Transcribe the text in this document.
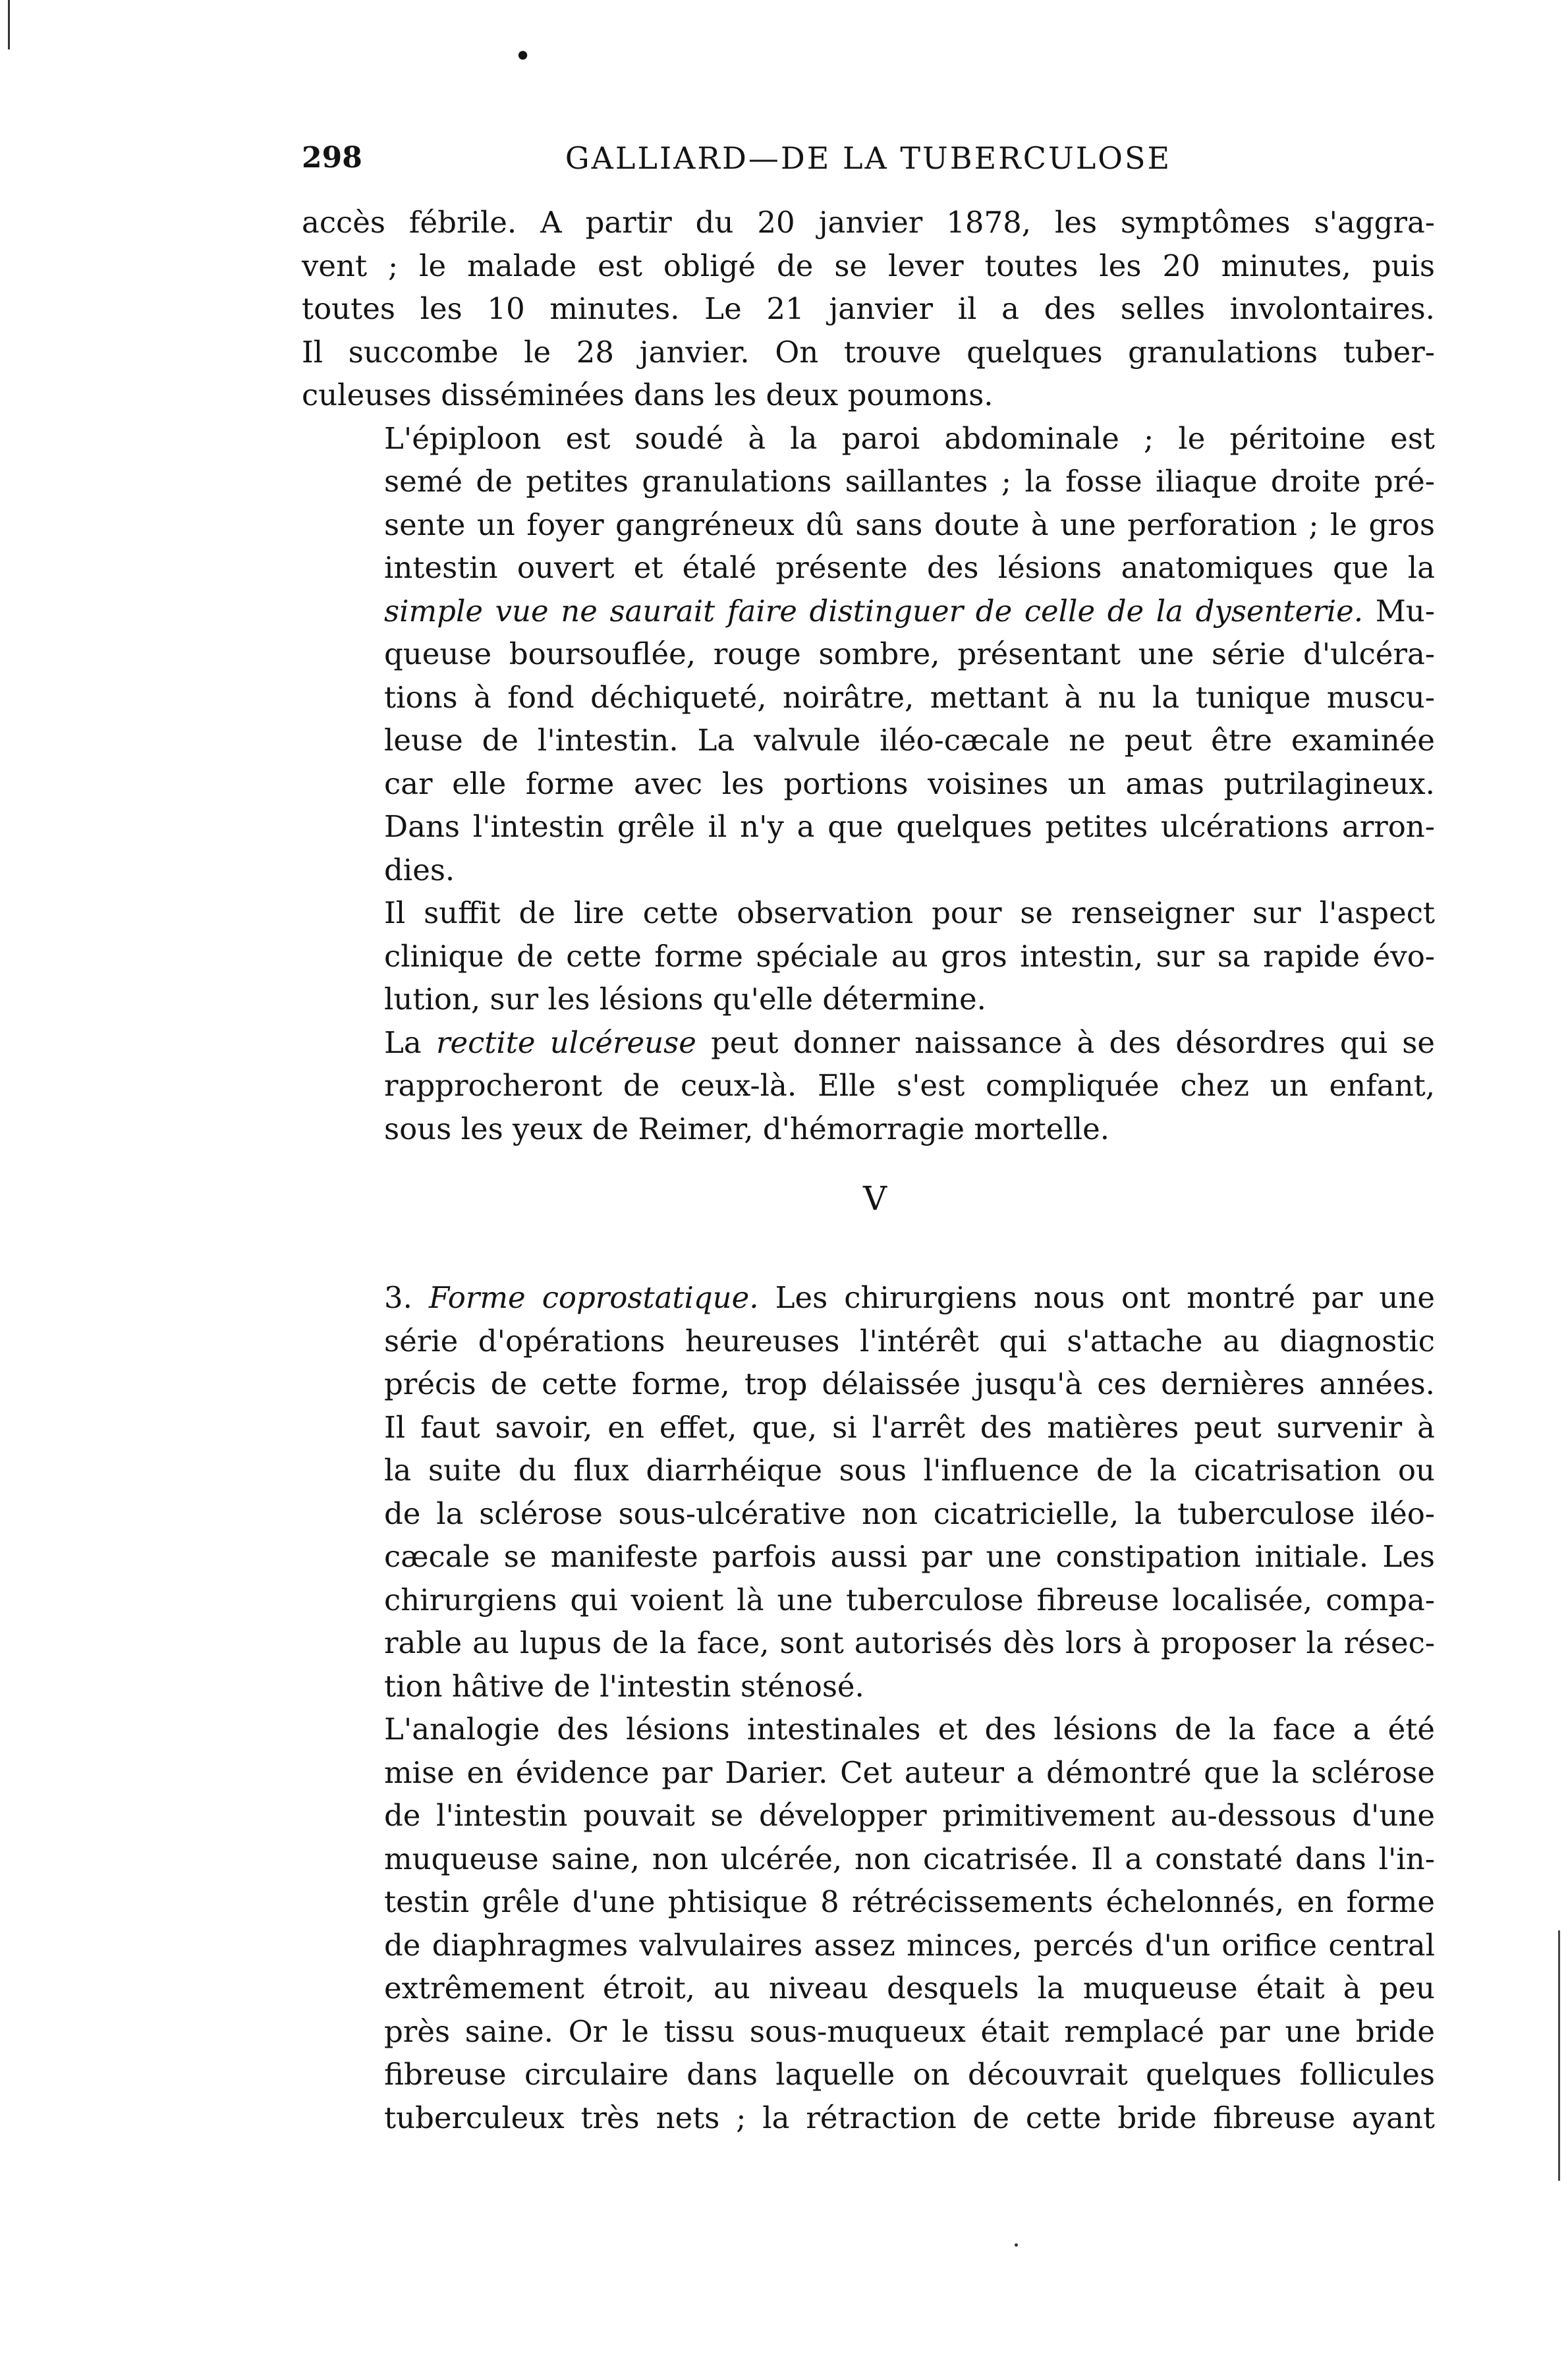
•
298	GALLIARD—DE LA TUBERCULOSE

accès fébrile. A partir du 20 janvier 1878, les symptômes s'aggra-
vent ; le malade est obligé de se lever toutes les 20 minutes, puis
toutes les 10 minutes. Le 21 janvier il a des selles involontaires.
Il succombe le 28 janvier. On trouve quelques granulations tuber-
culeuses disséminées dans les deux poumons.

L'épiploon est soudé à la paroi abdominale ; le péritoine est
semé de petites granulations saillantes ; la fosse iliaque droite pré-
sente un foyer gangréneux dû sans doute à une perforation ; le gros
intestin ouvert et étalé présente des lésions anatomiques que la
simple vue ne saurait faire distinguer de celle de la dysenterie. Mu-
queuse boursouflée, rouge sombre, présentant une série d'ulcéra-
tions à fond déchiqueté, noirâtre, mettant à nu la tunique muscu-
leuse de l'intestin. La valvule iléo-cæcale ne peut être examinée
car elle forme avec les portions voisines un amas putrilagineux.
Dans l'intestin grêle il n'y a que quelques petites ulcérations arron-
dies.

Il suffit de lire cette observation pour se renseigner sur l'aspect
clinique de cette forme spéciale au gros intestin, sur sa rapide évo-
lution, sur les lésions qu'elle détermine.

La rectite ulcéreuse peut donner naissance à des désordres qui se
rapprocheront de ceux-là. Elle s'est compliquée chez un enfant,
sous les yeux de Reimer, d'hémorragie mortelle.

V

3. Forme coprostatique. Les chirurgiens nous ont montré par une
série d'opérations heureuses l'intérêt qui s'attache au diagnostic
précis de cette forme, trop délaissée jusqu'à ces dernières années.
Il faut savoir, en effet, que, si l'arrêt des matières peut survenir à
la suite du flux diarrhéique sous l'influence de la cicatrisation ou
de la sclérose sous-ulcérative non cicatricielle, la tuberculose iléo-
cæcale se manifeste parfois aussi par une constipation initiale. Les
chirurgiens qui voient là une tuberculose fibreuse localisée, compa-
rable au lupus de la face, sont autorisés dès lors à proposer la résec-
tion hâtive de l'intestin sténosé.

L'analogie des lésions intestinales et des lésions de la face a été
mise en évidence par Darier. Cet auteur a démontré que la sclérose
de l'intestin pouvait se développer primitivement au-dessous d'une
muqueuse saine, non ulcérée, non cicatrisée. Il a constaté dans l'in-
testin grêle d'une phtisique 8 rétrécissements échelonnés, en forme
de diaphragmes valvulaires assez minces, percés d'un orifice central
extrêmement étroit, au niveau desquels la muqueuse était à peu
près saine. Or le tissu sous-muqueux était remplacé par une bride
fibreuse circulaire dans laquelle on découvrait quelques follicules
tuberculeux très nets ; la rétraction de cette bride fibreuse ayant
